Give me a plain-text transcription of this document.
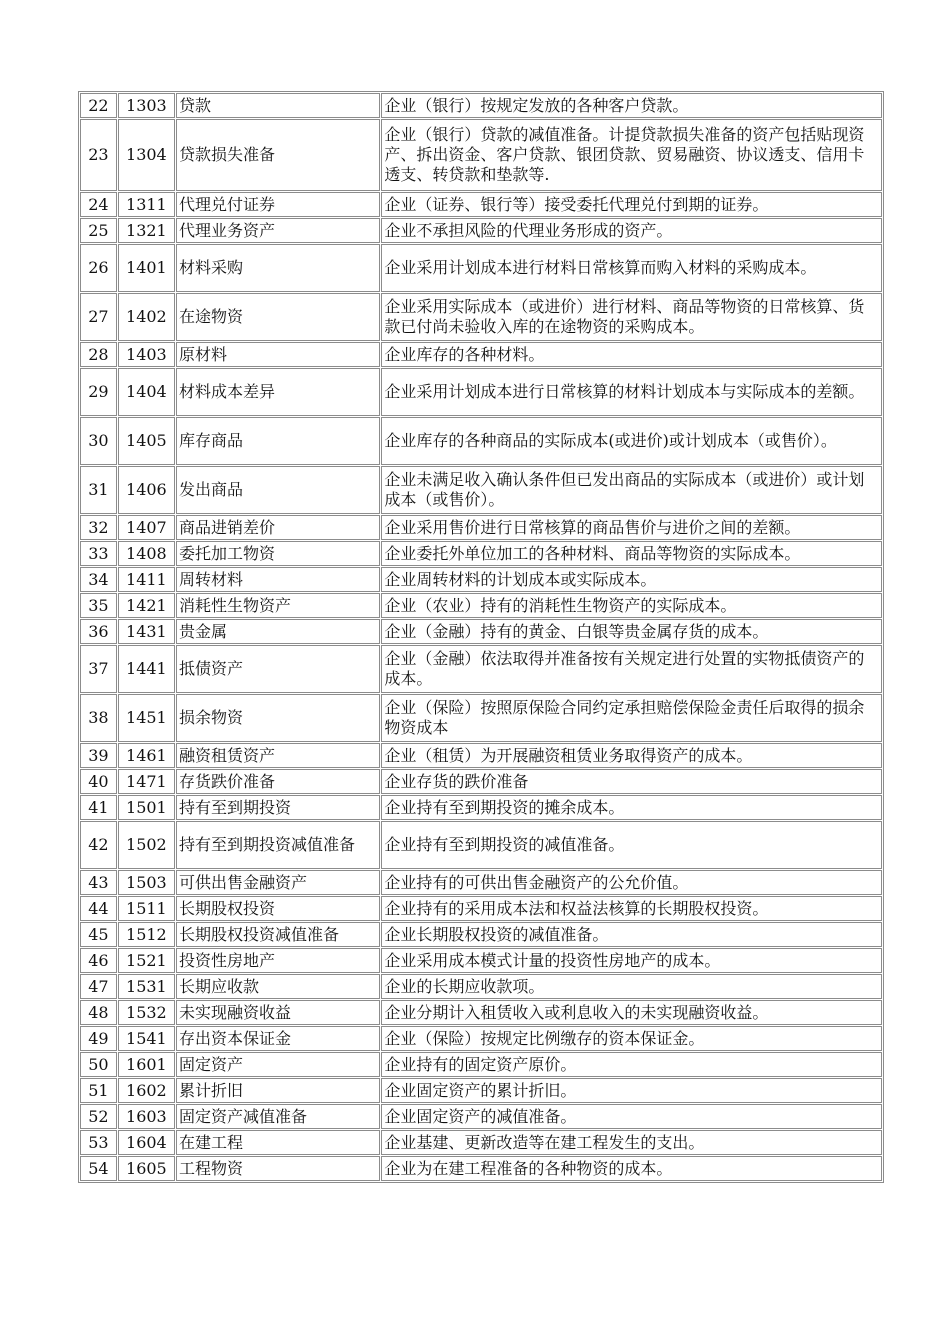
22	1303	贷款	企业（银行）按规定发放的各种客户贷款。
23	1304	贷款损失准备	企业（银行）贷款的减值准备。计提贷款损失准备的资产包括贴现资产、拆出资金、客户贷款、银团贷款、贸易融资、协议透支、信用卡透支、转贷款和垫款等.
24	1311	代理兑付证券	企业（证券、银行等）接受委托代理兑付到期的证券。
25	1321	代理业务资产	企业不承担风险的代理业务形成的资产。
26	1401	材料采购	企业采用计划成本进行材料日常核算而购入材料的采购成本。
27	1402	在途物资	企业采用实际成本（或进价）进行材料、商品等物资的日常核算、货款已付尚未验收入库的在途物资的采购成本。
28	1403	原材料	企业库存的各种材料。
29	1404	材料成本差异	企业采用计划成本进行日常核算的材料计划成本与实际成本的差额。
30	1405	库存商品	企业库存的各种商品的实际成本(或进价)或计划成本（或售价）。
31	1406	发出商品	企业未满足收入确认条件但已发出商品的实际成本（或进价）或计划成本（或售价）。
32	1407	商品进销差价	企业采用售价进行日常核算的商品售价与进价之间的差额。
33	1408	委托加工物资	企业委托外单位加工的各种材料、商品等物资的实际成本。
34	1411	周转材料	企业周转材料的计划成本或实际成本。
35	1421	消耗性生物资产	企业（农业）持有的消耗性生物资产的实际成本。
36	1431	贵金属	企业（金融）持有的黄金、白银等贵金属存货的成本。
37	1441	抵债资产	企业（金融）依法取得并准备按有关规定进行处置的实物抵债资产的成本。
38	1451	损余物资	企业（保险）按照原保险合同约定承担赔偿保险金责任后取得的损余物资成本
39	1461	融资租赁资产	企业（租赁）为开展融资租赁业务取得资产的成本。
40	1471	存货跌价准备	企业存货的跌价准备
41	1501	持有至到期投资	企业持有至到期投资的摊余成本。
42	1502	持有至到期投资减值准备	企业持有至到期投资的减值准备。
43	1503	可供出售金融资产	企业持有的可供出售金融资产的公允价值。
44	1511	长期股权投资	企业持有的采用成本法和权益法核算的长期股权投资。
45	1512	长期股权投资减值准备	企业长期股权投资的减值准备。
46	1521	投资性房地产	企业采用成本模式计量的投资性房地产的成本。
47	1531	长期应收款	企业的长期应收款项。
48	1532	未实现融资收益	企业分期计入租赁收入或利息收入的未实现融资收益。
49	1541	存出资本保证金	企业（保险）按规定比例缴存的资本保证金。
50	1601	固定资产	企业持有的固定资产原价。
51	1602	累计折旧	企业固定资产的累计折旧。
52	1603	固定资产减值准备	企业固定资产的减值准备。
53	1604	在建工程	企业基建、更新改造等在建工程发生的支出。
54	1605	工程物资	企业为在建工程准备的各种物资的成本。
